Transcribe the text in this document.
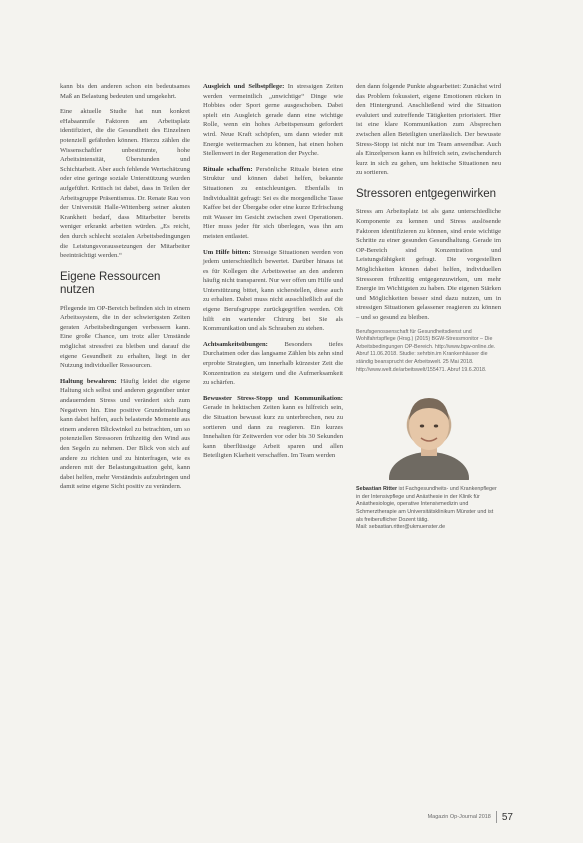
kann bis den anderen schon ein bedeutsames Maß an Belastung bedeuten und umgekehrt.

Eine aktuelle Studie hat nun konkret eHabaanmile Faktoren am Arbeitsplatz identifiziert, die die Gesundheit des Einzelnen potenziell gefährden können. Hierzu zählen die Wissenschaftler unbestimmte, hohe Arbeitsintensität, Überstunden und Schichtarbeit. Aber auch fehlende Wertschätzung oder eine geringe soziale Unterstützung wurden aufgeführt. Kritisch ist dabei, dass in Teilen der Arbeitsgruppe Präsentismus. Dr. Renate Rau von der Universität Halle-Wittenberg seiner akuten Krankheit bedarf, dass Mitarbeiter bereits weniger erkrankt arbeiten würden. „Es reicht, den durch schlecht sozialen Arbeitsbedingungen die Leistungsvoraussetzungen der Mitarbeiter beeinträchtigt werden.“

Eigene Ressourcen nutzen

Pflegende im OP-Bereich befinden sich in einem Arbeitssystem, die in der schwierigsten Zeiten geraten Arbeitsbedingungen verbessern kann. Eine große Chance, um trotz aller Umstände möglichst stressfrei zu bleiben und darauf die eigene Gesundheit zu erhalten, liegt in der Nutzung individueller Ressourcen.

Haltung bewahren: Häufig leidet die eigene Haltung sich selbst und anderen gegenüber unter andauerndem Stress und verändert sich zum Negativen hin. Eine positive Grundeinstellung kann dabei helfen, auch belastende Momente aus einem anderen Blickwinkel zu betrachten, um so potenziellen Stressoren frühzeitig den Wind aus den Segeln zu nehmen. Der Blick von sich auf andere zu richten und zu hinterfragen, wie es anderen mit der Belastungsituation geht, kann dabei helfen, mehr Verständnis aufzubringen und damit seine eigene Sicht positiv zu verändern.

Ausgleich und Selbstpflege: In stressigen Zeiten werden vermeintlich „unwichtige“ Dinge wie Hobbies oder Sport gerne ausgeschoben. Dabei spielt ein Ausgleich gerade dann eine wichtige Rolle, wenn ein hohes Arbeitspensum gefordert wird. Neue Kraft schöpfen, um dann wieder mit Energie weitermachen zu können, hat einen hohen Stellenwert in der Regeneration der Psyche.

Rituale schaffen: Persönliche Rituale bieten eine Struktur und können dabei helfen, bekannte Situationen zu entschleunigen. Ebenfalls in Individualität gefragt: Sei es die morgendliche Tasse Kaffee bei der Übergabe oder eine kurze Erfrischung mit Wasser im Gesicht zwischen zwei Operationen. Hier muss jeder für sich überlegen, was ihn am meisten entlastet.

Um Hilfe bitten: Stressige Situationen werden von jedem unterschiedlich bewertet. Darüber hinaus ist es für Kollegen die Arbeitsweise an den anderen häufig nicht transparent. Nur wer offen um Hilfe und Unterstützung bittet, kann sicherstellen, diese auch zu erhalten. Dabei muss nicht ausschließlich auf die eigene Berufsgruppe zurückgegriffen werden. Oft hilft ein wartender Chirurg bei Sie als Kommunikation und als Schrauben zu stehen.

Achtsamkeitsübungen: Besonders tiefes Durchatmen oder das langsame Zählen bis zehn sind erprobte Strategien, um innerhalb kürzester Zeit die Konzentration zu steigern und die Aufmerksamkeit zu schärfen.

Bewusster Stress-Stopp und Kommunikation: Gerade in hektischen Zeiten kann es hilfreich sein, die Situation bewusst kurz zu unterbrechen, neu zu sortieren und dann zu reagieren. Ein kurzes Innehalten für Zeitwerden vor oder bis 30 Sekunden kann überflüssige Arbeit sparen und allen Beteiligten Klarheit verschaffen. Im Team werden

den dann folgende Punkte abgearbeitet: Zunächst wird das Problem fokussiert, eigene Emotionen rücken in den Hintergrund. Anschließend wird die Situation evaluiert und zutreffende Tätigkeiten priorisiert. Hier ist eine klare Kommunikation zum Absprechen zwischen allen Beteiligten unerlässlich. Der bewusste Stress-Stopp ist nicht nur im Team anwendbar. Auch als Einzelperson kann es hilfreich sein, zwischendurch kurz in sich zu gehen, um hektische Situationen neu zu sortieren.

Stressoren entgegenwirken

Stress am Arbeitsplatz ist als ganz unterschiedliche Komponente zu kennen und Stress auslösende Faktoren identifizieren zu können, sind erste wichtige Schritte zu einer gesunden Gesundhaltung. Gerade im OP-Bereich sind Konzentration und Leistungsfähigkeit gefragt. Die vorgestellten Möglichkeiten können dabei helfen, individuellen Stressoren frühzeitig entgegenzuwirken, um mehr Energie im Wichtigsten zu haben. Die eigenen Stärken und Möglichkeiten besser sind dazu nutzen, um in stressigen Situationen gelassener reagieren zu können – und so gesund zu bleiben.

Berufsgenossenschaft für Gesundheitsdienst und Wohlfahrtspflege (Hrsg.) (2015) BGW-Stressmonitor – Die Arbeitsbedingungen OP-Bereich. http://www.bgw-online.de. Abruf 11.06.2018. Studie: sehrbin.im Krankenhäuser die ständig beansprucht der Arbeitswelt. 25 Mai 2018. http://www.welt.de/arbeitswelt/155471. Abruf 19.6.2018.
Sebastian Ritter ist Fachgesundheits- und Krankenpfleger in der Intensivpflege und Anästhesie in der Klinik für Anästhesiologie, operative Intensivmedizin und Schmerztherapie am Universitätsklinikum Münster und ist als freiberuflicher Dozent tätig.
Mail: sebastian.ritter@ukmuenster.de
Magazin Op-Journal 2018 57
